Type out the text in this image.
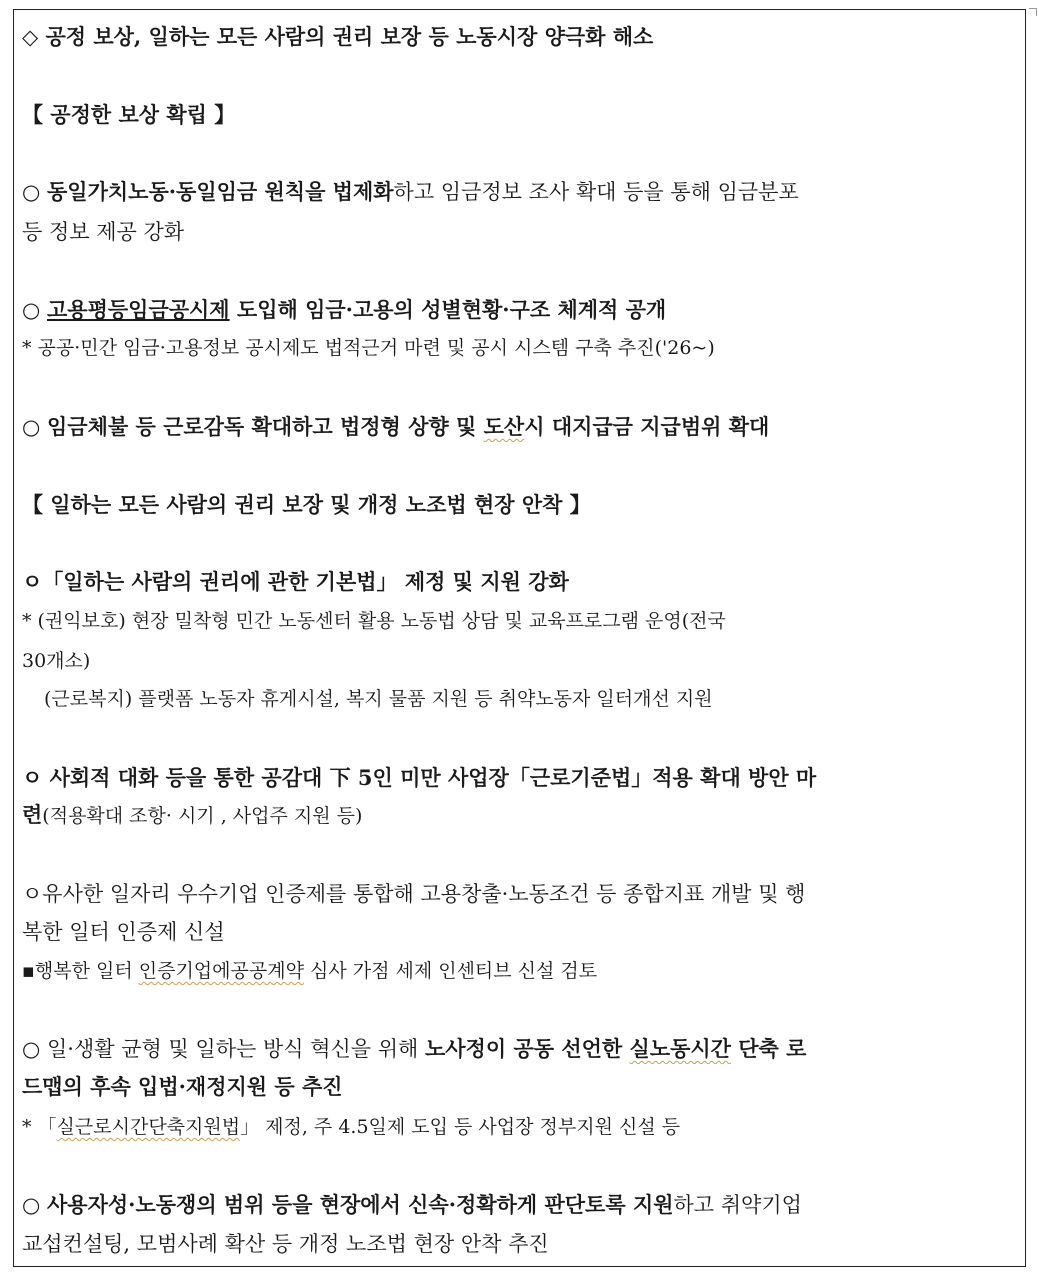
◇ 공정 보상, 일하는 모든 사람의 권리 보장 등 노동시장 양극화 해소
【 공정한 보상 확립 】
○ 동일가치노동·동일임금 원칙을 법제화하고 임금정보 조사 확대 등을 통해 임금분포
등 정보 제공 강화
○ 고용평등임금공시제 도입해 임금·고용의 성별현황·구조 체계적 공개
* 공공·민간 임금·고용정보 공시제도 법적근거 마련 및 공시 시스템 구축 추진('26~)
○ 임금체불 등 근로감독 확대하고 법정형 상향 및 도산시 대지급금 지급범위 확대
【 일하는 모든 사람의 권리 보장 및 개정 노조법 현장 안착 】
ㅇ「일하는 사람의 권리에 관한 기본법」 제정 및 지원 강화
* (권익보호) 현장 밀착형 민간 노동센터 활용 노동법 상담 및 교육프로그램 운영(전국
30개소)
(근로복지) 플랫폼 노동자 휴게시설, 복지 물품 지원 등 취약노동자 일터개선 지원
ㅇ 사회적 대화 등을 통한 공감대 下 5인 미만 사업장「근로기준법」적용 확대 방안 마
련(적용확대 조항· 시기 , 사업주 지원 등)
ㅇ유사한 일자리 우수기업 인증제를 통합해 고용창출·노동조건 등 종합지표 개발 및 행
복한 일터 인증제 신설
▪행복한 일터 인증기업에공공계약 심사 가점 세제 인센티브 신설 검토
○ 일·생활 균형 및 일하는 방식 혁신을 위해 노사정이 공동 선언한 실노동시간 단축 로
드맵의 후속 입법·재정지원 등 추진
* 「실근로시간단축지원법」 제정, 주 4.5일제 도입 등 사업장 정부지원 신설 등
○ 사용자성·노동쟁의 범위 등을 현장에서 신속·정확하게 판단토록 지원하고 취약기업
교섭컨설팅, 모범사례 확산 등 개정 노조법 현장 안착 추진
